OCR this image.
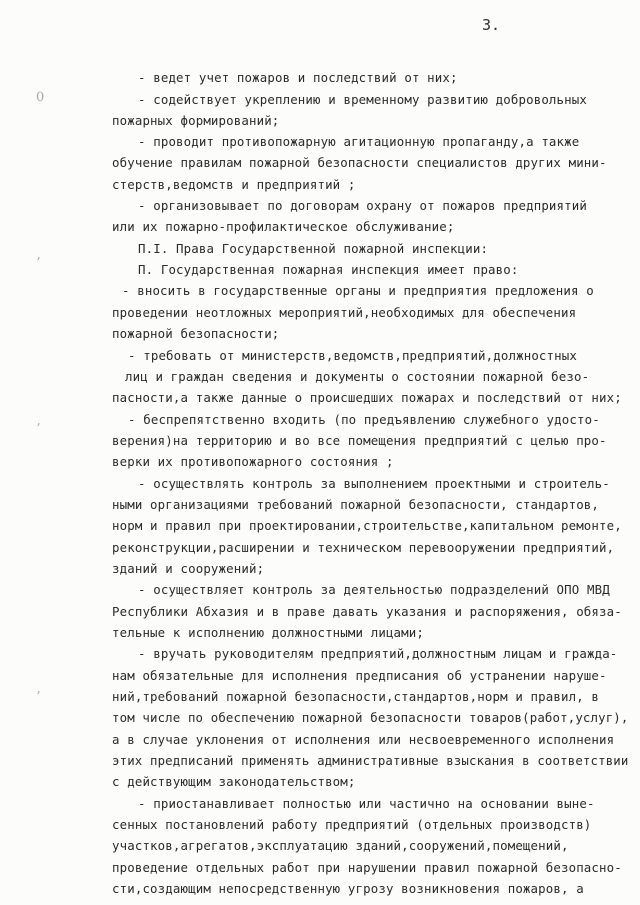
3.
0
ʼ
ʼ
ʼ
- ведет учет пожаров и последствий от них;
- содействует укреплению и временному развитию добровольных
пожарных формирований;
- проводит противопожарную агитационную пропаганду,а также
обучение правилам пожарной безопасности специалистов других мини-
стерств,ведомств и предприятий ;
- организовывает по договорам охрану от пожаров предприятий
или их пожарно-профилактическое обслуживание;
П.I. Права Государственной пожарной инспекции:
П. Государственная пожарная инспекция имеет право:
- вносить в государственные органы и предприятия предложения о
проведении неотложных мероприятий,необходимых для обеспечения
пожарной безопасности;
- требовать от министерств,ведомств,предприятий,должностных
лиц и граждан сведения и документы о состоянии пожарной безо-
пасности,а также данные о происшедших пожарах и последствий от них;
- беспрепятственно входить (по предъявлению служебного удосто-
верения)на территорию и во все помещения предприятий с целью про-
верки их противопожарного состояния ;
- осуществлять контроль за выполнением проектными и строитель-
ными организациями требований пожарной безопасности, стандартов,
норм и правил при проектировании,строительстве,капитальном ремонте,
реконструкции,расширении и техническом перевооружении предприятий,
зданий и сооружений;
- осуществляет контроль за деятельностью подразделений ОПО МВД
Республики Абхазия и в праве давать указания и распоряжения, обяза-
тельные к исполнению должностными лицами;
- вручать руководителям предприятий,должностным лицам и гражда-
нам обязательные для исполнения предписания об устранении наруше-
ний,требований пожарной безопасности,стандартов,норм и правил, в
том числе по обеспечению пожарной безопасности товаров(работ,услуг),
а в случае уклонения от исполнения или несвоевременного исполнения
этих предписаний применять административные взыскания в соответствии
с действующим законодательством;
- приостанавливает полностью или частично на основании выне-
сенных постановлений работу предприятий (отдельных производств)
участков,агрегатов,эксплуатацию зданий,сооружений,помещений,
проведение отдельных работ при нарушении правил пожарной безопасно-
сти,создающим непосредственную угрозу возникновения пожаров, а
